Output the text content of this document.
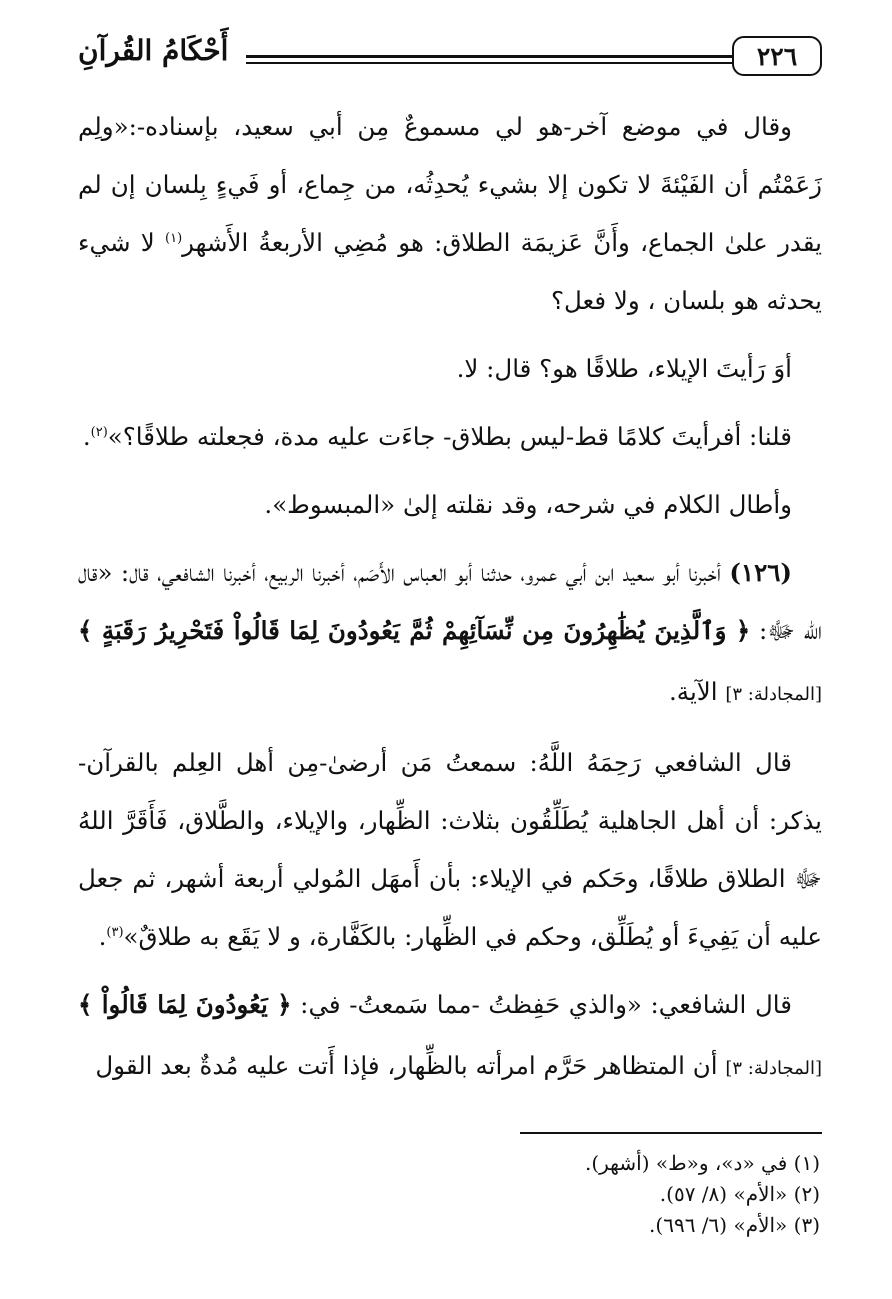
٢٢٦
أَحْكَامُ القُرآنِ

وقال في موضع آخر-هو لي مسموعٌ مِن أبي سعيد، بإسناده-:«ولِم زَعَمْتُم أن الفَيْئةَ لا تكون إلا بشيء يُحدِثُه، من جِماع، أو فَيءٍ بِلسان إن لم يقدر علىٰ الجماع، وأَنَّ عَزيمَة الطلاق: هو مُضِي الأربعةُ الأَشهر$^{(١)}$ لا شيء يحدثه هو بلسان ، ولا فعل؟

أوَ رَأيتَ الإيلاء، طلاقًا هو؟ قال: لا.

قلنا: أفرأيتَ كلامًا قط-ليس بطلاق- جاءَت عليه مدة، فجعلته طلاقًا؟»$^{(٢)}$.

وأطال الكلام في شرحه، وقد نقلته إلىٰ «المبسوط».

(١٢٦) أخبرنا أبو سعيد ابن أبي عمرو، حدثنا أبو العباس الأَصَم، أخبرنا الربيع، أخبرنا الشافعي، قال: «قال الله ﷻ: ﴿ وَٱلَّذِينَ يُظَٰهِرُونَ مِن نِّسَآئِهِمْ ثُمَّ يَعُودُونَ لِمَا قَالُواْ فَتَحْرِيرُ رَقَبَةٍ ﴾ [المجادلة: ٣] الآية.

قال الشافعي رَحِمَهُ اللَّهُ: سمعتُ مَن أرضىٰ-مِن أهل العِلم بالقرآن- يذكر: أن أهل الجاهلية يُطَلِّقُون بثلاث: الظِّهار، والإيلاء، والطَّلاق، فَأَقَرَّ اللهُ ﷻ الطلاق طلاقًا، وحَكم في الإيلاء: بأن أَمهَل المُولي أربعة أشهر، ثم جعل عليه أن يَفِيءَ أو يُطَلِّق، وحكم في الظِّهار: بالكَفَّارة، و لا يَقَع به طلاقٌ»$^{(٣)}$.

قال الشافعي: «والذي حَفِظتُ -مما سَمعتُ- في: ﴿ يَعُودُونَ لِمَا قَالُواْ ﴾ [المجادلة: ٣] أن المتظاهر حَرَّم امرأته بالظِّهار، فإذا أَتت عليه مُدةٌ بعد القول

(١) في «د»، و«ط» (أشهر).
(٢) «الأم» (٨/ ٥٧).
(٣) «الأم» (٦/ ٦٩٦).
